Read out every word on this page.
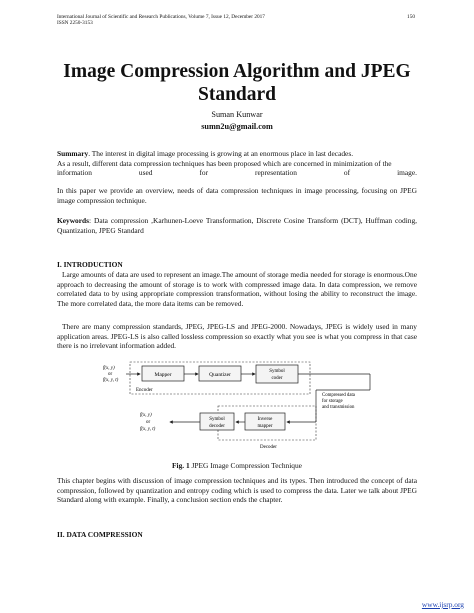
International Journal of Scientific and Research Publications, Volume 7, Issue 12, December 2017
ISSN 2250-3153
150
Image Compression Algorithm and JPEG Standard
Suman Kunwar
sumn2u@gmail.com
Summary. The interest in digital image processing is growing at an enormous place in last decades.
As a result, different data compression techniques has been proposed which are concerned in minimization of the
information	used	for	representation	of	image.
In this paper we provide an overview, needs of data compression techniques in image processing, focusing on JPEG image compression technique.
Keywords: Data compression ,Karhunen-Loeve Transformation, Discrete Cosine Transform (DCT), Huffman coding, Quantization, JPEG Standard
I. INTRODUCTION
Large amounts of data are used to represent an image.The amount of storage media needed for storage is enormous.One approach to decreasing the amount of storage is to work with compressed image data. In data compression, we remove correlated data to by using appropriate compression transformation, without losing the ability to reconstruct the image. The more correlated data, the more data items can be removed.
There are many compression standards, JPEG, JPEG-LS and JPEG-2000. Nowadays, JPEG is widely used in many application areas. JPEG-LS is also called lossless compression so exactly what you see is what you compress in that case there is no irrelevant information added.
f(x, y)
or
f(x, y, t)
Mapper	Quantizer
Symbol
coder
Encoder
Compressed data
for storage
and transmission
Inverse
mapper
Symbol
decoder
Decoder
f(x, y)
or
f(x, y, t)
Fig. 1 JPEG Image Compression Technique
This chapter begins with discussion of image compression techniques and its types. Then introduced the concept of data compression, followed by quantization and entropy coding which is used to compress the data. Later we talk about JPEG Standard along with example. Finally, a conclusion section ends the chapter.
II. DATA COMPRESSION
www.ijsrp.org
